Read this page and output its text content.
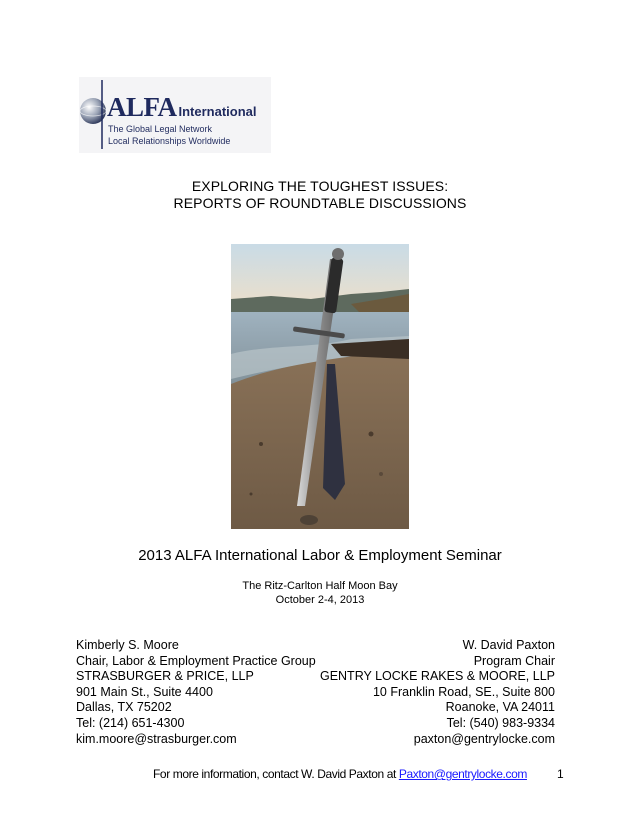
ALFA International
The Global Legal Network
Local Relationships Worldwide
EXPLORING THE TOUGHEST ISSUES:
REPORTS OF ROUNDTABLE DISCUSSIONS
2013 ALFA International Labor & Employment Seminar
The Ritz-Carlton Half Moon Bay
October 2-4, 2013
Kimberly S. Moore
Chair, Labor & Employment Practice Group
STRASBURGER & PRICE, LLP
901 Main St., Suite 4400
Dallas, TX 75202
Tel: (214) 651-4300
kim.moore@strasburger.com
W. David Paxton
Program Chair
GENTRY LOCKE RAKES & MOORE, LLP
10 Franklin Road, SE., Suite 800
Roanoke, VA 24011
Tel: (540) 983-9334
paxton@gentrylocke.com
For more information, contact W. David Paxton at Paxton@gentrylocke.com	1
